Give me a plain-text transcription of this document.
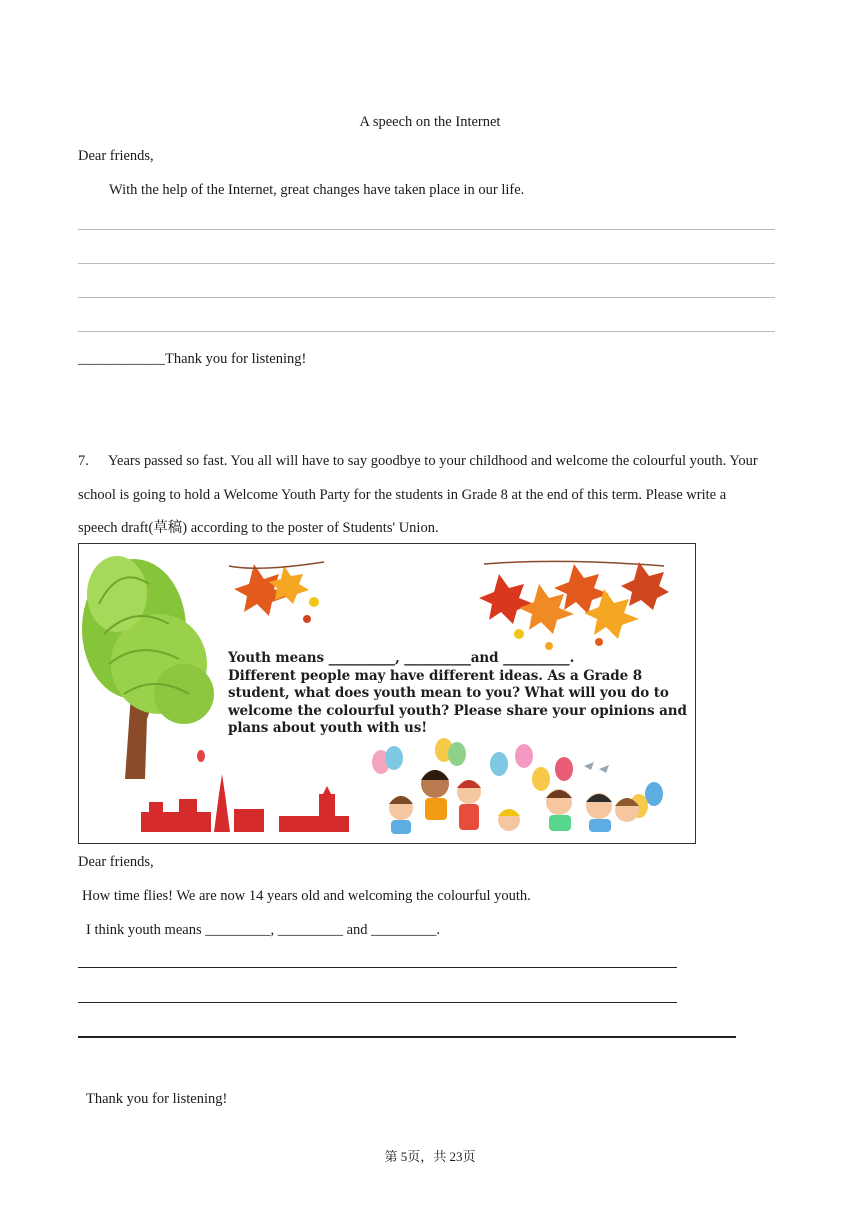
A speech on the Internet
Dear friends,
With the help of the Internet, great changes have taken place in our life.
____________Thank you for listening!
7. Years passed so fast. You all will have to say goodbye to your childhood and welcome the colourful youth. Your
school is going to hold a Welcome Youth Party for the students in Grade 8 at the end of this term. Please write a
speech draft(草稿) according to the poster of Students' Union.
Youth means __________, __________and __________.
Different people may have different ideas. As a Grade 8
student, what does youth mean to you? What will you do to
welcome the colourful youth? Please share your opinions and
plans about youth with us!
Dear friends,
How time flies! We are now 14 years old and welcoming the colourful youth.
I think youth means _________, _________ and _________.
Thank you for listening!
第 5页，共 23页
